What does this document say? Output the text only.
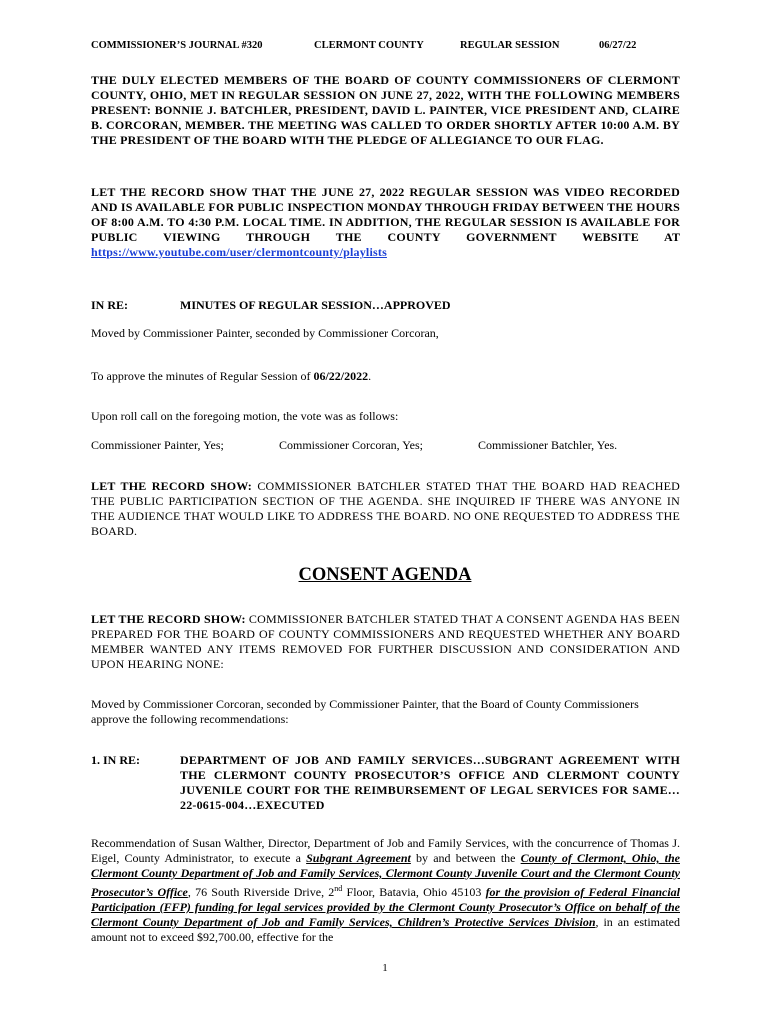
COMMISSIONER’S JOURNAL #320	CLERMONT COUNTY	REGULAR SESSION	06/27/22
THE DULY ELECTED MEMBERS OF THE BOARD OF COUNTY COMMISSIONERS OF CLERMONT COUNTY, OHIO, MET IN REGULAR SESSION ON JUNE 27, 2022, WITH THE FOLLOWING MEMBERS PRESENT: BONNIE J. BATCHLER, PRESIDENT, DAVID L. PAINTER, VICE PRESIDENT AND, CLAIRE B. CORCORAN, MEMBER. THE MEETING WAS CALLED TO ORDER SHORTLY AFTER 10:00 A.M. BY THE PRESIDENT OF THE BOARD WITH THE PLEDGE OF ALLEGIANCE TO OUR FLAG.
LET THE RECORD SHOW THAT THE JUNE 27, 2022 REGULAR SESSION WAS VIDEO RECORDED AND IS AVAILABLE FOR PUBLIC INSPECTION MONDAY THROUGH FRIDAY BETWEEN THE HOURS OF 8:00 A.M. TO 4:30 P.M. LOCAL TIME. IN ADDITION, THE REGULAR SESSION IS AVAILABLE FOR PUBLIC VIEWING THROUGH THE COUNTY GOVERNMENT WEBSITE AT https://www.youtube.com/user/clermontcounty/playlists
IN RE:	MINUTES OF REGULAR SESSION…APPROVED
Moved by Commissioner Painter, seconded by Commissioner Corcoran,
To approve the minutes of Regular Session of 06/22/2022.
Upon roll call on the foregoing motion, the vote was as follows:
Commissioner Painter, Yes;	Commissioner Corcoran, Yes;	Commissioner Batchler, Yes.
LET THE RECORD SHOW: COMMISSIONER BATCHLER STATED THAT THE BOARD HAD REACHED THE PUBLIC PARTICIPATION SECTION OF THE AGENDA. SHE INQUIRED IF THERE WAS ANYONE IN THE AUDIENCE THAT WOULD LIKE TO ADDRESS THE BOARD. NO ONE REQUESTED TO ADDRESS THE BOARD.
CONSENT AGENDA
LET THE RECORD SHOW: COMMISSIONER BATCHLER STATED THAT A CONSENT AGENDA HAS BEEN PREPARED FOR THE BOARD OF COUNTY COMMISSIONERS AND REQUESTED WHETHER ANY BOARD MEMBER WANTED ANY ITEMS REMOVED FOR FURTHER DISCUSSION AND CONSIDERATION AND UPON HEARING NONE:
Moved by Commissioner Corcoran, seconded by Commissioner Painter, that the Board of County Commissioners approve the following recommendations:
1. IN RE:	DEPARTMENT OF JOB AND FAMILY SERVICES…SUBGRANT AGREEMENT WITH THE CLERMONT COUNTY PROSECUTOR’S OFFICE AND CLERMONT COUNTY JUVENILE COURT FOR THE REIMBURSEMENT OF LEGAL SERVICES FOR SAME…22-0615-004…EXECUTED
Recommendation of Susan Walther, Director, Department of Job and Family Services, with the concurrence of Thomas J. Eigel, County Administrator, to execute a Subgrant Agreement by and between the County of Clermont, Ohio, the Clermont County Department of Job and Family Services, Clermont County Juvenile Court and the Clermont County Prosecutor’s Office, 76 South Riverside Drive, 2nd Floor, Batavia, Ohio 45103 for the provision of Federal Financial Participation (FFP) funding for legal services provided by the Clermont County Prosecutor’s Office on behalf of the Clermont County Department of Job and Family Services, Children’s Protective Services Division, in an estimated amount not to exceed $92,700.00, effective for the
1
